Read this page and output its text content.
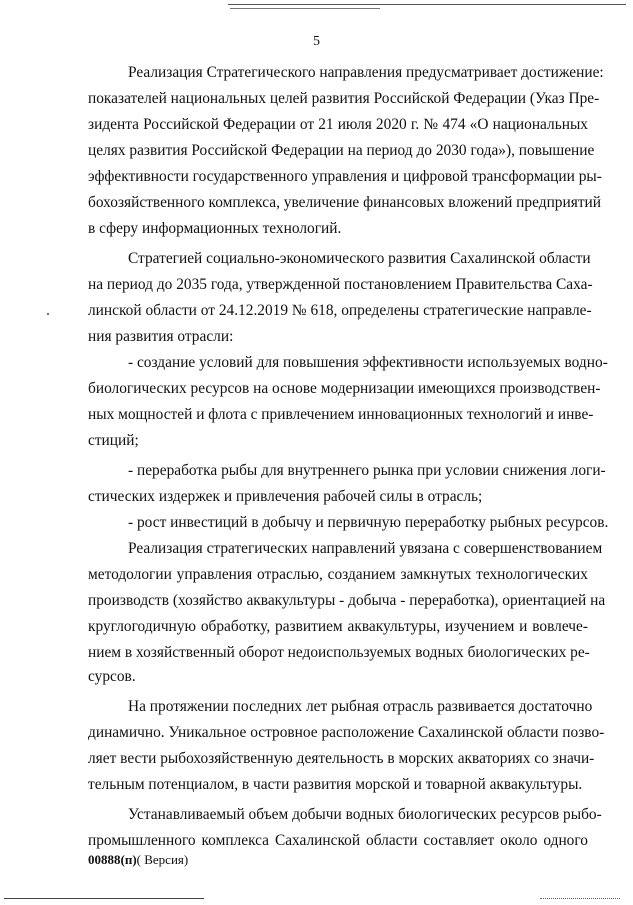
5
Реализация Стратегического направления предусматривает достижение:
показателей национальных целей развития Российской Федерации (Указ Пре-
зидента Российской Федерации от 21 июля 2020 г. № 474 «О национальных
целях развития Российской Федерации на период до 2030 года»), повышение
эффективности государственного управления и цифровой трансформации ры-
бохозяйственного комплекса, увеличение финансовых вложений предприятий
в сферу информационных технологий.
Стратегией социально-экономического развития Сахалинской области
на период до 2035 года, утвержденной постановлением Правительства Саха-
линской области от 24.12.2019 № 618, определены стратегические направле-
ния развития отрасли:
- создание условий для повышения эффективности используемых водно-
биологических ресурсов на основе модернизации имеющихся производствен-
ных мощностей и флота с привлечением инновационных технологий и инве-
стиций;
- переработка рыбы для внутреннего рынка при условии снижения логи-
стических издержек и привлечения рабочей силы в отрасль;
- рост инвестиций в добычу и первичную переработку рыбных ресурсов.
Реализация стратегических направлений увязана с совершенствованием
методологии управления отраслью, созданием замкнутых технологических
производств (хозяйство аквакультуры - добыча - переработка), ориентацией на
круглогодичную обработку, развитием аквакультуры, изучением и вовлече-
нием в хозяйственный оборот недоиспользуемых водных биологических ре-
сурсов.
На протяжении последних лет рыбная отрасль развивается достаточно
динамично. Уникальное островное расположение Сахалинской области позво-
ляет вести рыбохозяйственную деятельность в морских акваториях со значи-
тельным потенциалом, в части развития морской и товарной аквакультуры.
Устанавливаемый объем добычи водных биологических ресурсов рыбо-
промышленного комплекса Сахалинской области составляет около одного
00888(п)( Версия)
